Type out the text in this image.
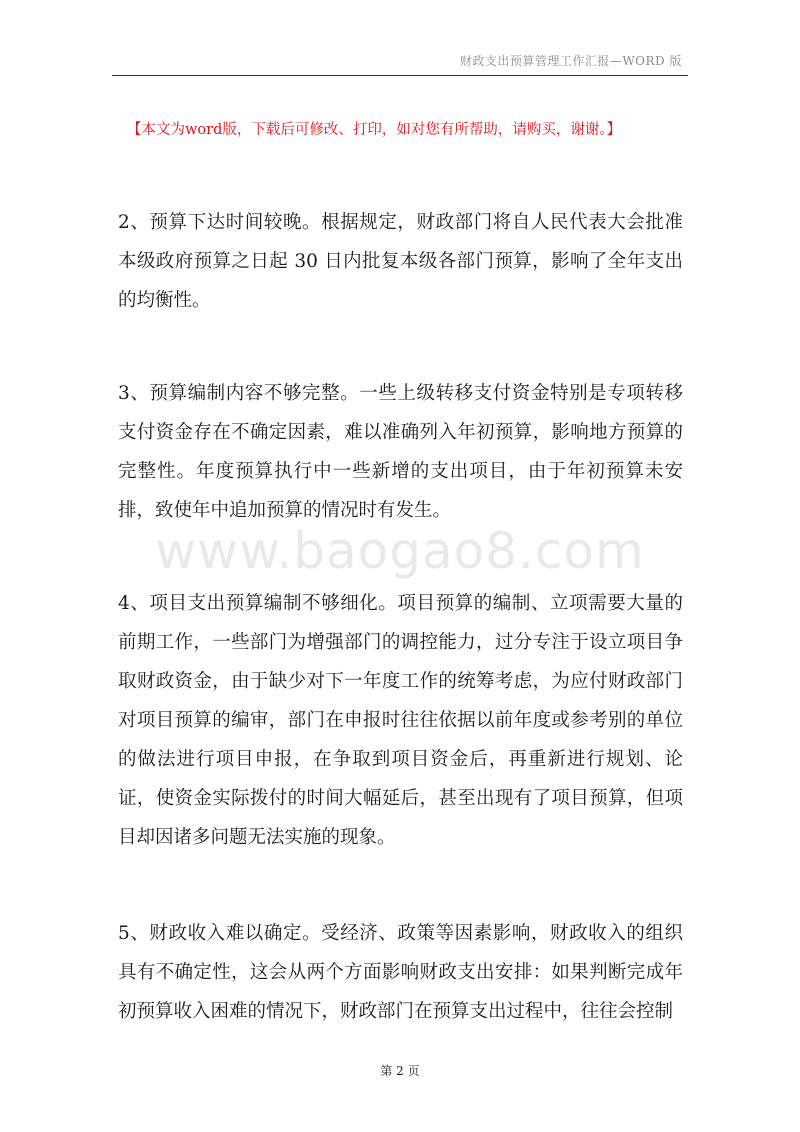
财政支出预算管理工作汇报—WORD 版
【本文为word版，下载后可修改、打印，如对您有所帮助，请购买，谢谢。】

2、预算下达时间较晚。根据规定，财政部门将自人民代表大会批准本级政府预算之日起 30 日内批复本级各部门预算，影响了全年支出的均衡性。

3、预算编制内容不够完整。一些上级转移支付资金特别是专项转移支付资金存在不确定因素，难以准确列入年初预算，影响地方预算的完整性。年度预算执行中一些新增的支出项目，由于年初预算未安排，致使年中追加预算的情况时有发生。

www.baogao8.com

4、项目支出预算编制不够细化。项目预算的编制、立项需要大量的前期工作，一些部门为增强部门的调控能力，过分专注于设立项目争取财政资金，由于缺少对下一年度工作的统筹考虑，为应付财政部门对项目预算的编审，部门在申报时往往依据以前年度或参考别的单位的做法进行项目申报，在争取到项目资金后，再重新进行规划、论证，使资金实际拨付的时间大幅延后，甚至出现有了项目预算，但项目却因诸多问题无法实施的现象。

5、财政收入难以确定。受经济、政策等因素影响，财政收入的组织具有不确定性，这会从两个方面影响财政支出安排：如果判断完成年初预算收入困难的情况下，财政部门在预算支出过程中，往往会控制

第 2 页
